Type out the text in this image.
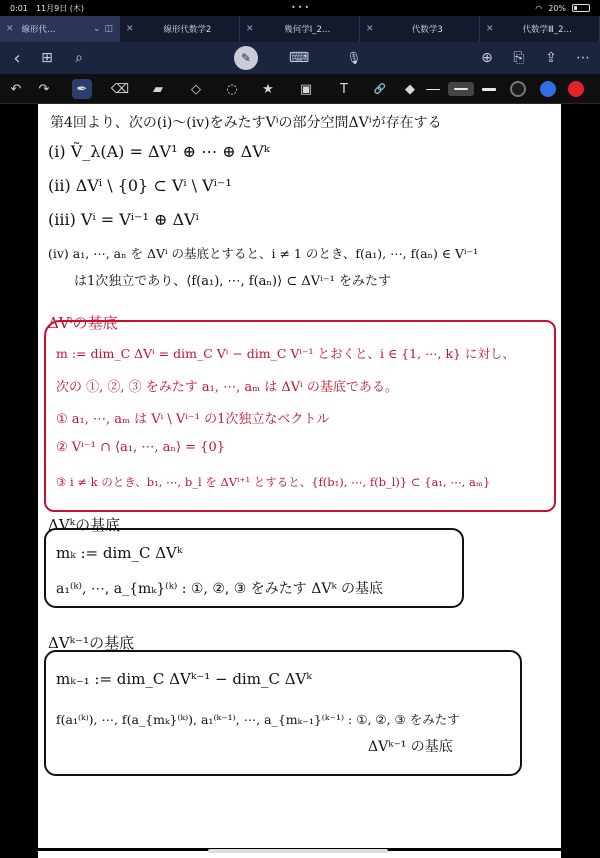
0:01 11月9日 (木)	•••	◠ 20%
✕ 線形代…	⌄ ◫ ✕	線形代数学2	✕	幾何学Ⅰ_2…	✕	代数学3	✕	代数学Ⅲ_2…
‹ ⊞	⌕	✎	⌨	🎙	⊕ ⎘ ⇪ ⋯
↶	↷	✒	⌫	▰	◇	◌	★	▣	T	🔗	◆
第4回より、次の(i)〜(iv)をみたすVⁱの部分空間ΔVⁱが存在する
(i) Ṽ_λ(A) = ΔV¹ ⊕ ⋯ ⊕ ΔVᵏ
(ii) ΔVⁱ \ {0} ⊂ Vⁱ \ Vⁱ⁻¹
(iii) Vⁱ = Vⁱ⁻¹ ⊕ ΔVⁱ
(iv) a₁, ⋯, aₙ を ΔVⁱ の基底とすると、i ≠ 1 のとき、f(a₁), ⋯, f(aₙ) ∈ Vⁱ⁻¹
は1次独立であり、⟨f(a₁), ⋯, f(aₙ)⟩ ⊂ ΔVⁱ⁻¹ をみたす
ΔVⁱの基底
m := dim_C ΔVⁱ = dim_C Vⁱ − dim_C Vⁱ⁻¹ とおくと、i ∈ {1, ⋯, k} に対し、
次の ①, ②, ③ をみたす a₁, ⋯, aₘ は ΔVⁱ の基底である。
① a₁, ⋯, aₘ は Vⁱ \ Vⁱ⁻¹ の1次独立なベクトル
② Vⁱ⁻¹ ∩ ⟨a₁, ⋯, aₙ⟩ = {0}
③ i ≠ k のとき、b₁, ⋯, b_l を ΔVⁱ⁺¹ とすると、{f(b₁), ⋯, f(b_l)} ⊂ {a₁, ⋯, aₘ}
ΔVᵏの基底
mₖ := dim_C ΔVᵏ
a₁⁽ᵏ⁾, ⋯, a_{mₖ}⁽ᵏ⁾ : ①, ②, ③ をみたす ΔVᵏ の基底
ΔVᵏ⁻¹の基底
mₖ₋₁ := dim_C ΔVᵏ⁻¹ − dim_C ΔVᵏ
f(a₁⁽ᵏ⁾), ⋯, f(a_{mₖ}⁽ᵏ⁾), a₁⁽ᵏ⁻¹⁾, ⋯, a_{mₖ₋₁}⁽ᵏ⁻¹⁾ : ①, ②, ③ をみたす
ΔVᵏ⁻¹ の基底
